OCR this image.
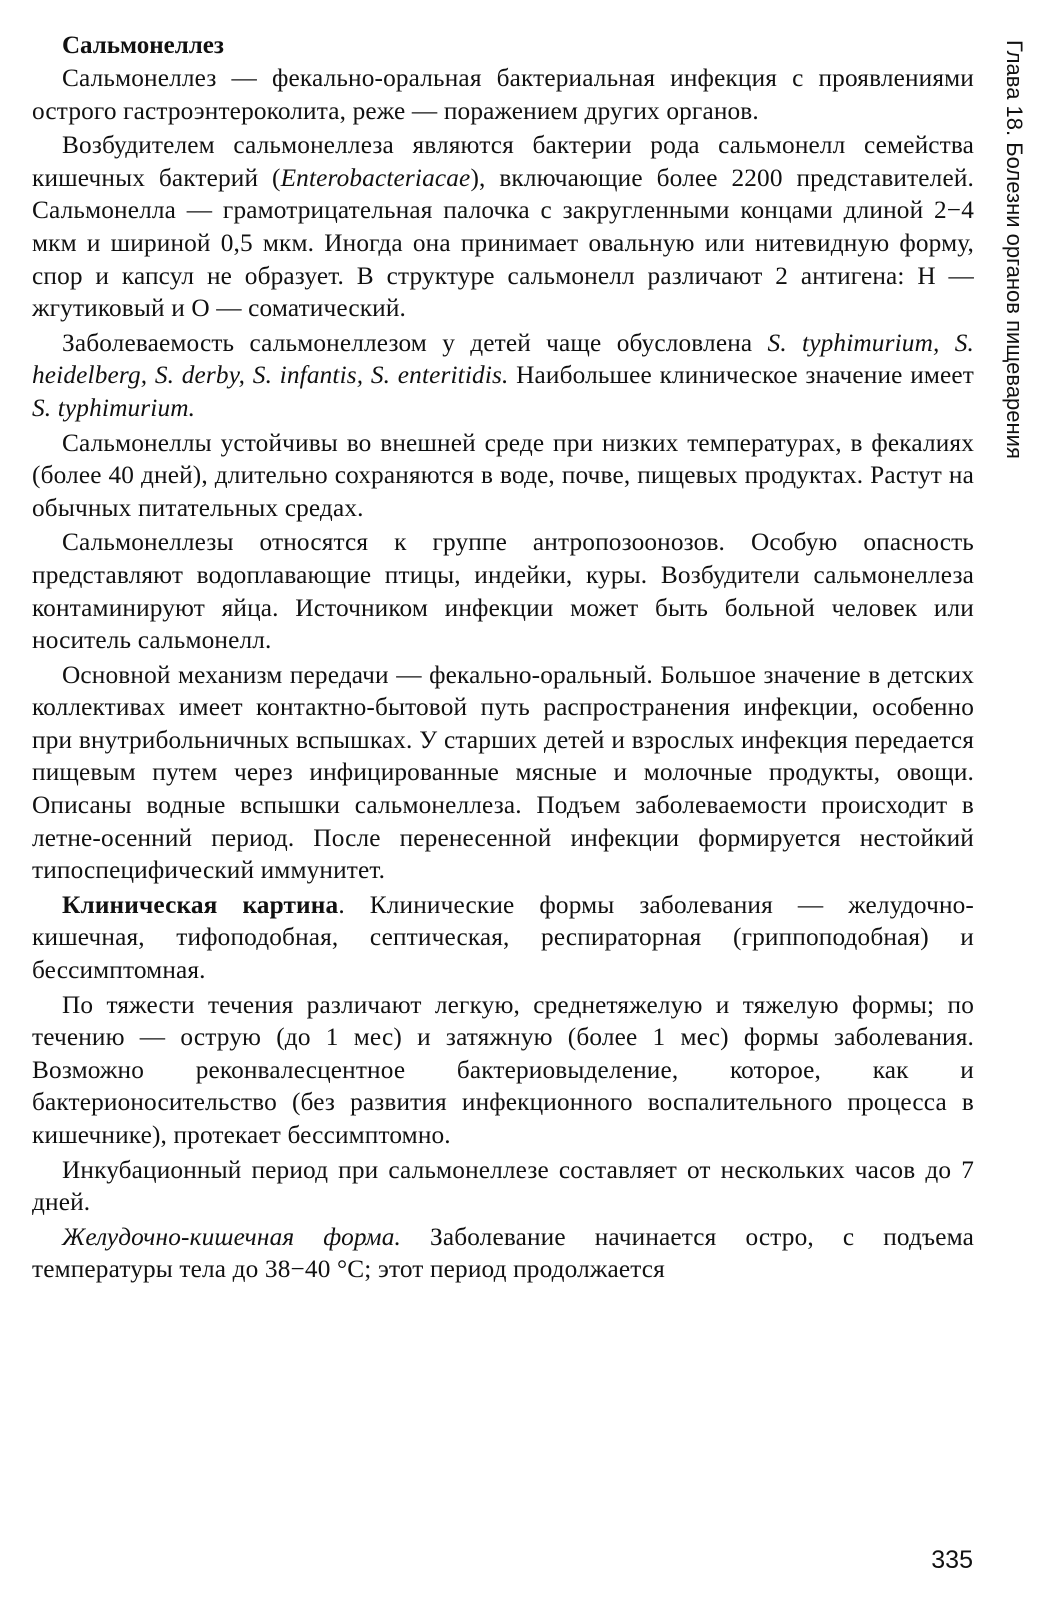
Глава 18. Болезни органов пищеварения
Сальмонеллез

Сальмонеллез — фекально-оральная бактериальная инфекция с проявлениями острого гастроэнтероколита, реже — поражением других органов.

Возбудителем сальмонеллеза являются бактерии рода сальмонелл семейства кишечных бактерий (Enterobacteriacae), включающие более 2200 представителей. Сальмонелла — грамотрицательная палочка с закругленными концами длиной 2−4 мкм и шириной 0,5 мкм. Иногда она принимает овальную или нитевидную форму, спор и капсул не образует. В структуре сальмонелл различают 2 антигена: Н — жгутиковый и О — соматический.

Заболеваемость сальмонеллезом у детей чаще обусловлена S. typhimurium, S. heidelberg, S. derby, S. infantis, S. enteritidis. Наибольшее клиническое значение имеет S. typhimurium.

Сальмонеллы устойчивы во внешней среде при низких температурах, в фекалиях (более 40 дней), длительно сохраняются в воде, почве, пищевых продуктах. Растут на обычных питательных средах.

Сальмонеллезы относятся к группе антропозоонозов. Особую опасность представляют водоплавающие птицы, индейки, куры. Возбудители сальмонеллеза контаминируют яйца. Источником инфекции может быть больной человек или носитель сальмонелл.

Основной механизм передачи — фекально-оральный. Большое значение в детских коллективах имеет контактно-бытовой путь распространения инфекции, особенно при внутрибольничных вспышках. У старших детей и взрослых инфекция передается пищевым путем через инфицированные мясные и молочные продукты, овощи. Описаны водные вспышки сальмонеллеза. Подъем заболеваемости происходит в летне-осенний период. После перенесенной инфекции формируется нестойкий типоспецифический иммунитет.

Клиническая картина. Клинические формы заболевания — желудочно-кишечная, тифоподобная, септическая, респираторная (гриппоподобная) и бессимптомная.

По тяжести течения различают легкую, среднетяжелую и тяжелую формы; по течению — острую (до 1 мес) и затяжную (более 1 мес) формы заболевания. Возможно реконвалесцентное бактериовыделение, которое, как и бактерионосительство (без развития инфекционного воспалительного процесса в кишечнике), протекает бессимптомно.

Инкубационный период при сальмонеллезе составляет от нескольких часов до 7 дней.

Желудочно-кишечная форма. Заболевание начинается остро, с подъема температуры тела до 38−40 °С; этот период продолжается

335
